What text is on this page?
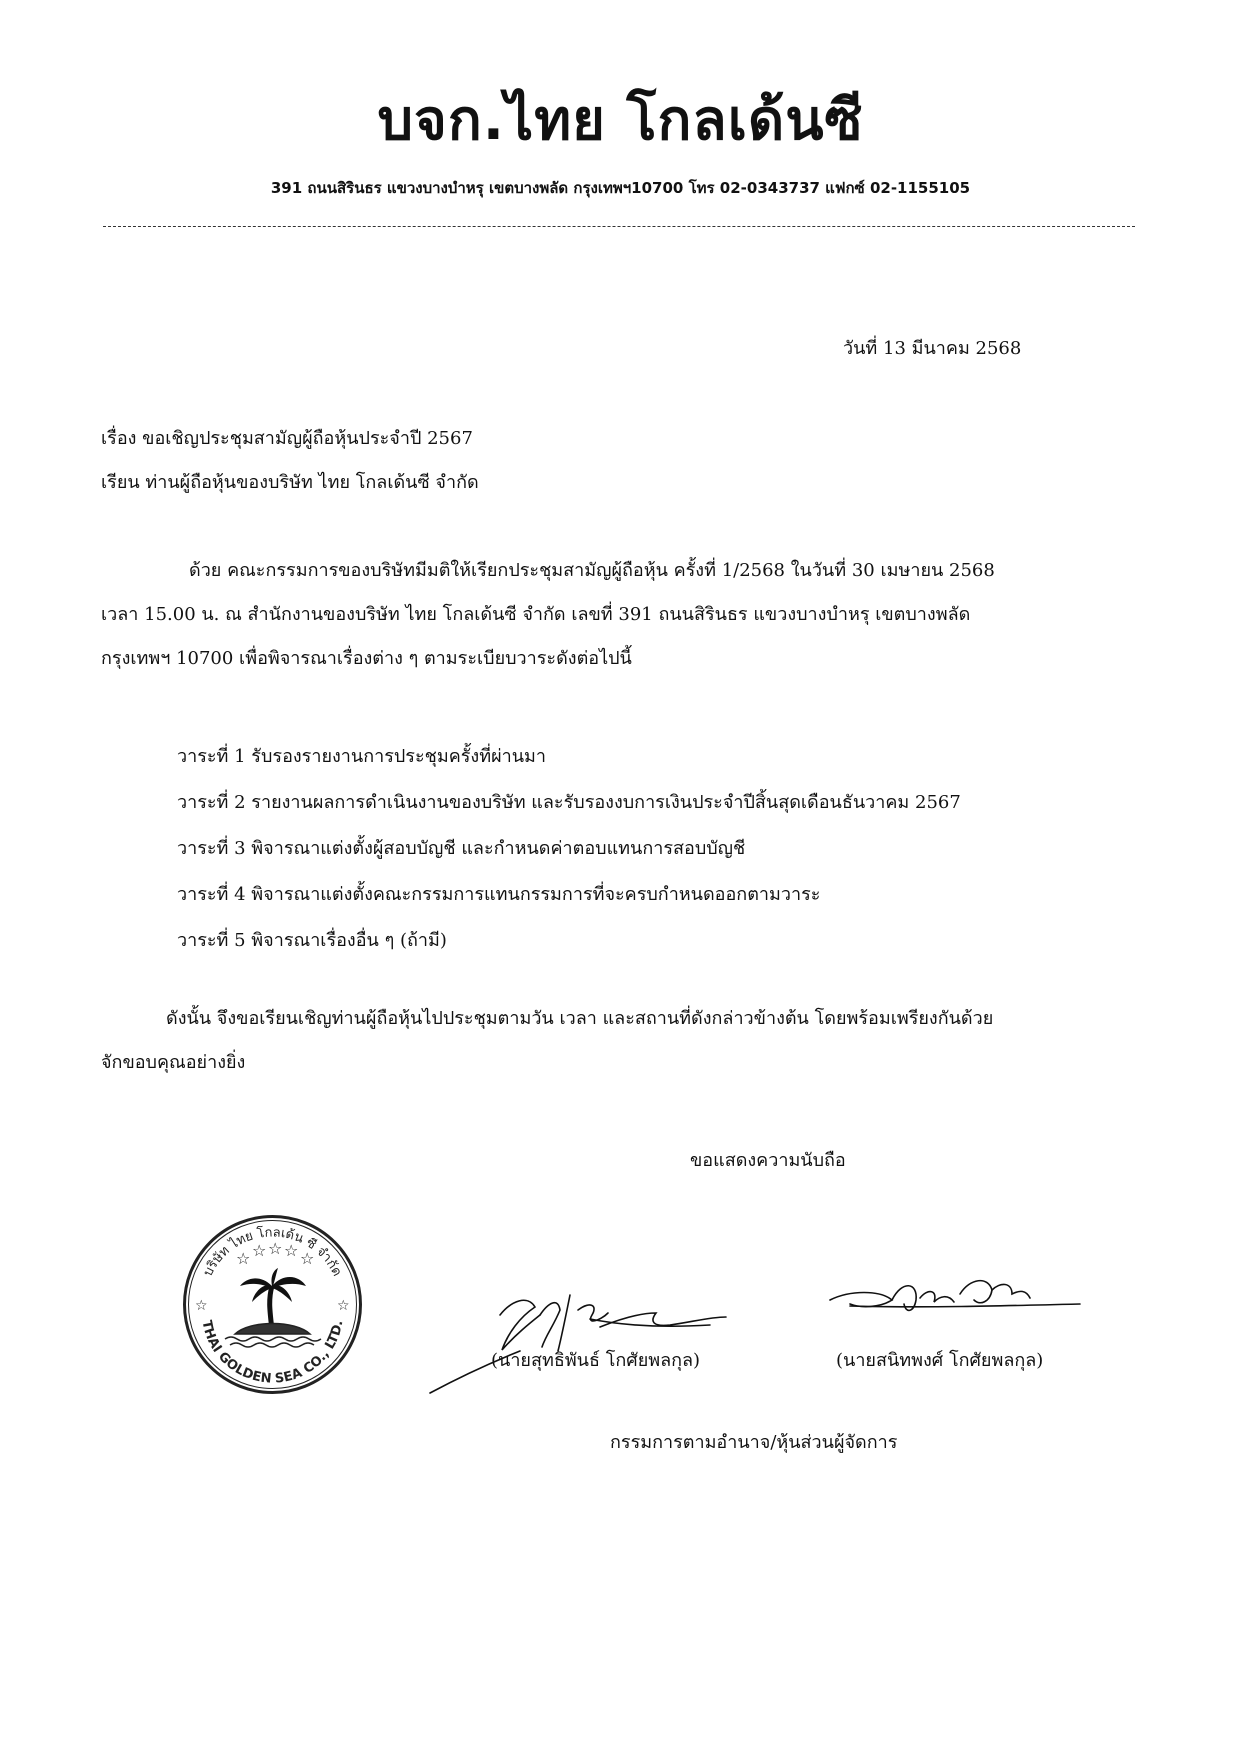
บจก.ไทย โกลเด้นซี
391 ถนนสิรินธร แขวงบางบำหรุ เขตบางพลัด กรุงเทพฯ10700 โทร 02-0343737 แฟกซ์ 02-1155105
วันที่ 13 มีนาคม 2568
เรื่อง ขอเชิญประชุมสามัญผู้ถือหุ้นประจำปี 2567
เรียน ท่านผู้ถือหุ้นของบริษัท ไทย โกลเด้นซี จำกัด
ด้วย คณะกรรมการของบริษัทมีมติให้เรียกประชุมสามัญผู้ถือหุ้น ครั้งที่ 1/2568 ในวันที่ 30 เมษายน 2568
เวลา 15.00 น. ณ สำนักงานของบริษัท ไทย โกลเด้นซี จำกัด เลขที่ 391 ถนนสิรินธร แขวงบางบำหรุ เขตบางพลัด
กรุงเทพฯ 10700 เพื่อพิจารณาเรื่องต่าง ๆ ตามระเบียบวาระดังต่อไปนี้
วาระที่ 1 รับรองรายงานการประชุมครั้งที่ผ่านมา
วาระที่ 2 รายงานผลการดำเนินงานของบริษัท และรับรองงบการเงินประจำปีสิ้นสุดเดือนธันวาคม 2567
วาระที่ 3 พิจารณาแต่งตั้งผู้สอบบัญชี และกำหนดค่าตอบแทนการสอบบัญชี
วาระที่ 4 พิจารณาแต่งตั้งคณะกรรมการแทนกรรมการที่จะครบกำหนดออกตามวาระ
วาระที่ 5 พิจารณาเรื่องอื่น ๆ (ถ้ามี)
ดังนั้น จึงขอเรียนเชิญท่านผู้ถือหุ้นไปประชุมตามวัน เวลา และสถานที่ดังกล่าวข้างต้น โดยพร้อมเพรียงกันด้วย
จักขอบคุณอย่างยิ่ง
ขอแสดงความนับถือ
บริษัท ไทย โกลเด้น ซี จำกัด
THAI GOLDEN SEA CO., LTD.
☆ ☆ ☆ ☆ ☆
☆	☆
(นายสุทธิพันธ์ โกศัยพลกุล)	(นายสนิทพงศ์ โกศัยพลกุล)
กรรมการตามอำนาจ/หุ้นส่วนผู้จัดการ
